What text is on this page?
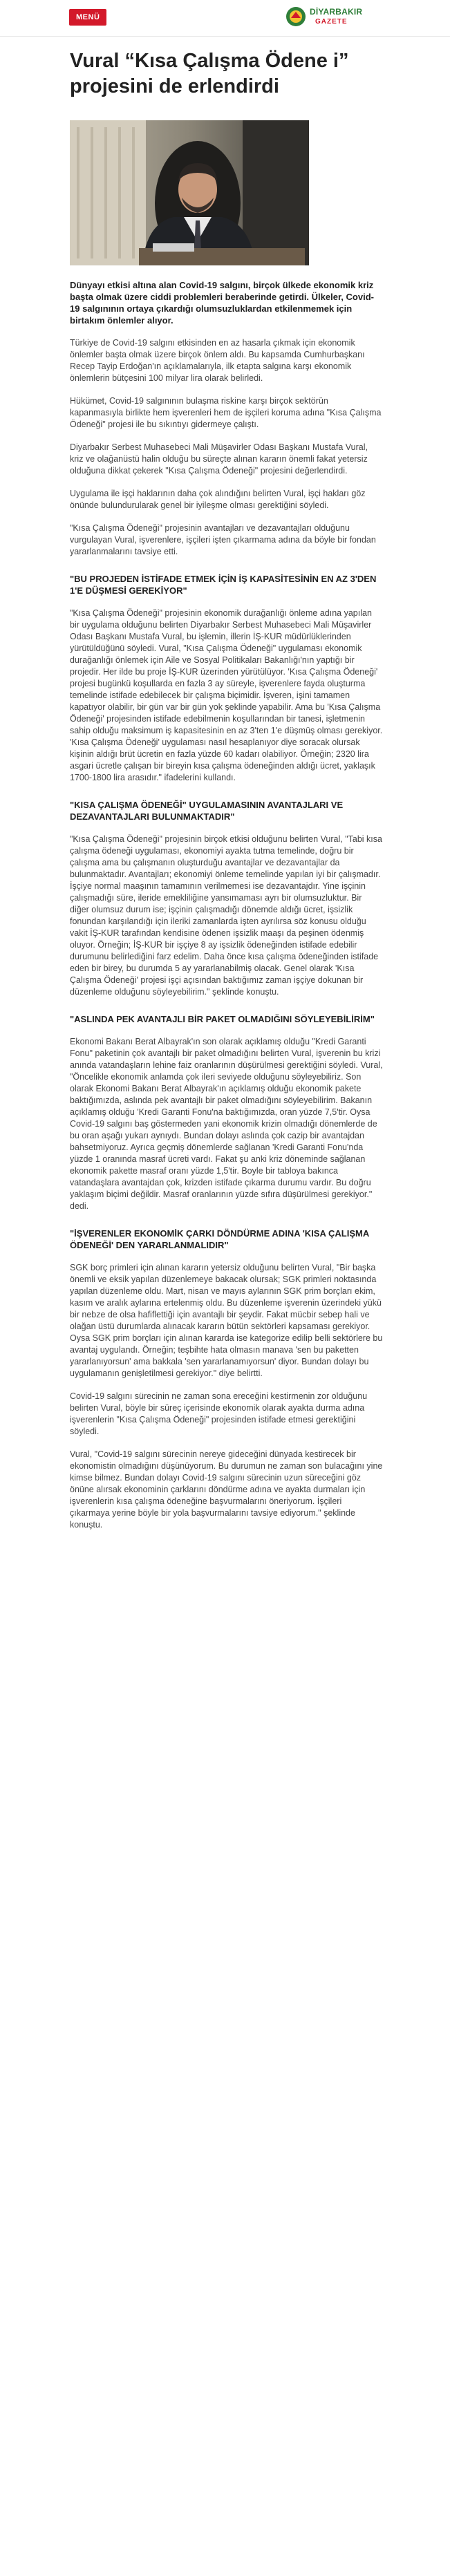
MENÜ
DİYARBAKIR
GAZETE
Vural “Kısa Çalışma Ödene i” projesini de erlendirdi

Dünyayı etkisi altına alan Covid-19 salgını, birçok ülkede ekonomik kriz başta olmak üzere ciddi problemleri beraberinde getirdi. Ülkeler, Covid-19 salgınının ortaya çıkardığı olumsuzluklardan etkilenmemek için birtakım önlemler alıyor.

Türkiye de Covid-19 salgını etkisinden en az hasarla çıkmak için ekonomik önlemler başta olmak üzere birçok önlem aldı. Bu kapsamda Cumhurbaşkanı Recep Tayip Erdoğan'ın açıklamalarıyla, ilk etapta salgına karşı ekonomik önlemlerin bütçesini 100 milyar lira olarak belirledi.

Hükümet, Covid-19 salgınının bulaşma riskine karşı birçok sektörün kapanmasıyla birlikte hem işverenleri hem de işçileri koruma adına "Kısa Çalışma Ödeneği" projesi ile bu sıkıntıyı gidermeye çalıştı.

Diyarbakır Serbest Muhasebeci Mali Müşavirler Odası Başkanı Mustafa Vural, kriz ve olağanüstü halin olduğu bu süreçte alınan kararın önemli fakat yetersiz olduğuna dikkat çekerek "Kısa Çalışma Ödeneği" projesini değerlendirdi.

Uygulama ile işçi haklarının daha çok alındığını belirten Vural, işçi hakları göz önünde bulundurularak genel bir iyileşme olması gerektiğini söyledi.

"Kısa Çalışma Ödeneği" projesinin avantajları ve dezavantajları olduğunu vurgulayan Vural, işverenlere, işçileri işten çıkarmama adına da böyle bir fondan yararlanmalarını tavsiye etti.

"BU PROJEDEN İSTİFADE ETMEK İÇİN İŞ KAPASİTESİNİN EN AZ 3'DEN 1'E DÜŞMESİ GEREKİYOR"

"Kısa Çalışma Ödeneği" projesinin ekonomik durağanlığı önleme adına yapılan bir uygulama olduğunu belirten Diyarbakır Serbest Muhasebeci Mali Müşavirler Odası Başkanı Mustafa Vural, bu işlemin, illerin İŞ-KUR müdürlüklerinden yürütüldüğünü söyledi. Vural, "Kısa Çalışma Ödeneği" uygulaması ekonomik durağanlığı önlemek için Aile ve Sosyal Politikaları Bakanlığı'nın yaptığı bir projedir. Her ilde bu proje İŞ-KUR üzerinden yürütülüyor. 'Kısa Çalışma Ödeneği' projesi bugünkü koşullarda en fazla 3 ay süreyle, işverenlere fayda oluşturma temelinde istifade edebilecek bir çalışma biçimidir. İşveren, işini tamamen kapatıyor olabilir, bir gün var bir gün yok şeklinde yapabilir. Ama bu 'Kısa Çalışma Ödeneği' projesinden istifade edebilmenin koşullarından bir tanesi, işletmenin sahip olduğu maksimum iş kapasitesinin en az 3'ten 1'e düşmüş olması gerekiyor. 'Kısa Çalışma Ödeneği' uygulaması nasıl hesaplanıyor diye soracak olursak kişinin aldığı brüt ücretin en fazla yüzde 60 kadarı olabiliyor. Örneğin; 2320 lira asgari ücretle çalışan bir bireyin kısa çalışma ödeneğinden aldığı ücret, yaklaşık 1700-1800 lira arasıdır." ifadelerini kullandı.

"KISA ÇALIŞMA ÖDENEĞİ" UYGULAMASININ AVANTAJLARI VE DEZAVANTAJLARI BULUNMAKTADIR"

"Kısa Çalışma Ödeneği" projesinin birçok etkisi olduğunu belirten Vural, "Tabi kısa çalışma ödeneği uygulaması, ekonomiyi ayakta tutma temelinde, doğru bir çalışma ama bu çalışmanın oluşturduğu avantajlar ve dezavantajlar da bulunmaktadır. Avantajları; ekonomiyi önleme temelinde yapılan iyi bir çalışmadır. İşçiye normal maaşının tamamının verilmemesi ise dezavantajdır. Yine işçinin çalışmadığı süre, ileride emekliliğine yansımaması ayrı bir olumsuzluktur. Bir diğer olumsuz durum ise; işçinin çalışmadığı dönemde aldığı ücret, işsizlik fonundan karşılandığı için ileriki zamanlarda işten ayrılırsa söz konusu olduğu vakit İŞ-KUR tarafından kendisine ödenen işsizlik maaşı da peşinen ödenmiş oluyor. Örneğin; İŞ-KUR bir işçiye 8 ay işsizlik ödeneğinden istifade edebilir durumunu belirlediğini farz edelim. Daha önce kısa çalışma ödeneğinden istifade eden bir birey, bu durumda 5 ay yararlanabilmiş olacak. Genel olarak 'Kısa Çalışma Ödeneği' projesi işçi açısından baktığımız zaman işçiye dokunan bir düzenleme olduğunu söyleyebilirim." şeklinde konuştu.

"ASLINDA PEK AVANTAJLI BİR PAKET OLMADIĞINI SÖYLEYEBİLİRİM"

Ekonomi Bakanı Berat Albayrak'ın son olarak açıklamış olduğu "Kredi Garanti Fonu" paketinin çok avantajlı bir paket olmadığını belirten Vural, işverenin bu krizi anında vatandaşların lehine faiz oranlarının düşürülmesi gerektiğini söyledi. Vural, "Öncelikle ekonomik anlamda çok ileri seviyede olduğunu söyleyebiliriz. Son olarak Ekonomi Bakanı Berat Albayrak'ın açıklamış olduğu ekonomik pakete baktığımızda, aslında pek avantajlı bir paket olmadığını söyleyebilirim. Bakanın açıklamış olduğu 'Kredi Garanti Fonu'na baktığımızda, oran yüzde 7,5'tir. Oysa Covid-19 salgını baş göstermeden yani ekonomik krizin olmadığı dönemlerde de bu oran aşağı yukarı aynıydı. Bundan dolayı aslında çok cazip bir avantajdan bahsetmiyoruz. Ayrıca geçmiş dönemlerde sağlanan 'Kredi Garanti Fonu'nda yüzde 1 oranında masraf ücreti vardı. Fakat şu anki kriz döneminde sağlanan ekonomik pakette masraf oranı yüzde 1,5'tir. Boyle bir tabloya bakınca vatandaşlara avantajdan çok, krizden istifade çıkarma durumu vardır. Bu doğru yaklaşım biçimi değildir. Masraf oranlarının yüzde sıfıra düşürülmesi gerekiyor." dedi.

"İŞVERENLER EKONOMİK ÇARKI DÖNDÜRME ADINA 'KISA ÇALIŞMA ÖDENEĞİ' DEN YARARLANMALIDIR"

SGK borç primleri için alınan kararın yetersiz olduğunu belirten Vural, "Bir başka önemli ve eksik yapılan düzenlemeye bakacak olursak; SGK primleri noktasında yapılan düzenleme oldu. Mart, nisan ve mayıs aylarının SGK prim borçları ekim, kasım ve aralık aylarına ertelenmiş oldu. Bu düzenleme işverenin üzerindeki yükü bir nebze de olsa hafiflettiği için avantajlı bir şeydir. Fakat mücbir sebep hali ve olağan üstü durumlarda alınacak kararın bütün sektörleri kapsaması gerekiyor. Oysa SGK prim borçları için alınan kararda ise kategorize edilip belli sektörlere bu avantaj uygulandı. Örneğin; teşbihte hata olmasın manava 'sen bu paketten yararlanıyorsun' ama bakkala 'sen yararlanamıyorsun' diyor. Bundan dolayı bu uygulamanın genişletilmesi gerekiyor." diye belirtti.

Covid-19 salgını sürecinin ne zaman sona ereceğini kestirmenin zor olduğunu belirten Vural, böyle bir süreç içerisinde ekonomik olarak ayakta durma adına işverenlerin "Kısa Çalışma Ödeneği" projesinden istifade etmesi gerektiğini söyledi.

Vural, "Covid-19 salgını sürecinin nereye gideceğini dünyada kestirecek bir ekonomistin olmadığını düşünüyorum. Bu durumun ne zaman son bulacağını yine kimse bilmez. Bundan dolayı Covid-19 salgını sürecinin uzun süreceğini göz önüne alırsak ekonominin çarklarını döndürme adına ve ayakta durmaları için işverenlerin kısa çalışma ödeneğine başvurmalarını öneriyorum. İşçileri çıkarmaya yerine böyle bir yola başvurmalarını tavsiye ediyorum." şeklinde konuştu.
